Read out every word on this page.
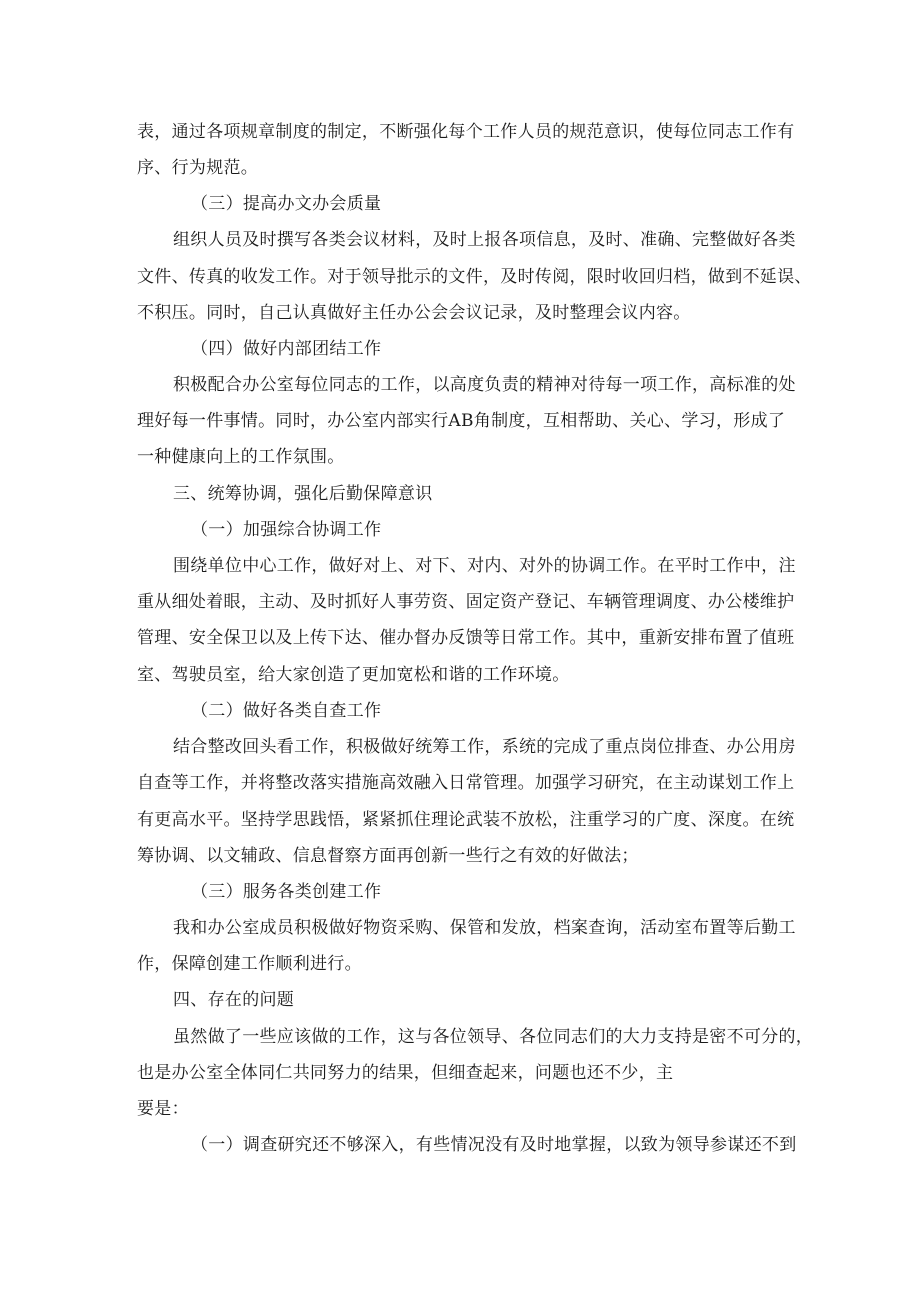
表，通过各项规章制度的制定，不断强化每个工作人员的规范意识，使每位同志工作有
序、行为规范。
（三）提高办文办会质量
组织人员及时撰写各类会议材料，及时上报各项信息，及时、准确、完整做好各类
文件、传真的收发工作。对于领导批示的文件，及时传阅，限时收回归档，做到不延误、
不积压。同时，自己认真做好主任办公会会议记录，及时整理会议内容。
（四）做好内部团结工作
积极配合办公室每位同志的工作，以高度负责的精神对待每一项工作，高标准的处
理好每一件事情。同时，办公室内部实行AB角制度，互相帮助、关心、学习，形成了
一种健康向上的工作氛围。
三、统筹协调，强化后勤保障意识
（一）加强综合协调工作
围绕单位中心工作，做好对上、对下、对内、对外的协调工作。在平时工作中，注
重从细处着眼，主动、及时抓好人事劳资、固定资产登记、车辆管理调度、办公楼维护
管理、安全保卫以及上传下达、催办督办反馈等日常工作。其中，重新安排布置了值班
室、驾驶员室，给大家创造了更加宽松和谐的工作环境。
（二）做好各类自查工作
结合整改回头看工作，积极做好统筹工作，系统的完成了重点岗位排查、办公用房
自查等工作，并将整改落实措施高效融入日常管理。加强学习研究，在主动谋划工作上
有更高水平。坚持学思践悟，紧紧抓住理论武装不放松，注重学习的广度、深度。在统
筹协调、以文辅政、信息督察方面再创新一些行之有效的好做法；
（三）服务各类创建工作
我和办公室成员积极做好物资采购、保管和发放，档案查询，活动室布置等后勤工
作，保障创建工作顺利进行。
四、存在的问题
虽然做了一些应该做的工作，这与各位领导、各位同志们的大力支持是密不可分的，
也是办公室全体同仁共同努力的结果，但细查起来，问题也还不少，主
要是：
（一）调查研究还不够深入，有些情况没有及时地掌握，以致为领导参谋还不到
